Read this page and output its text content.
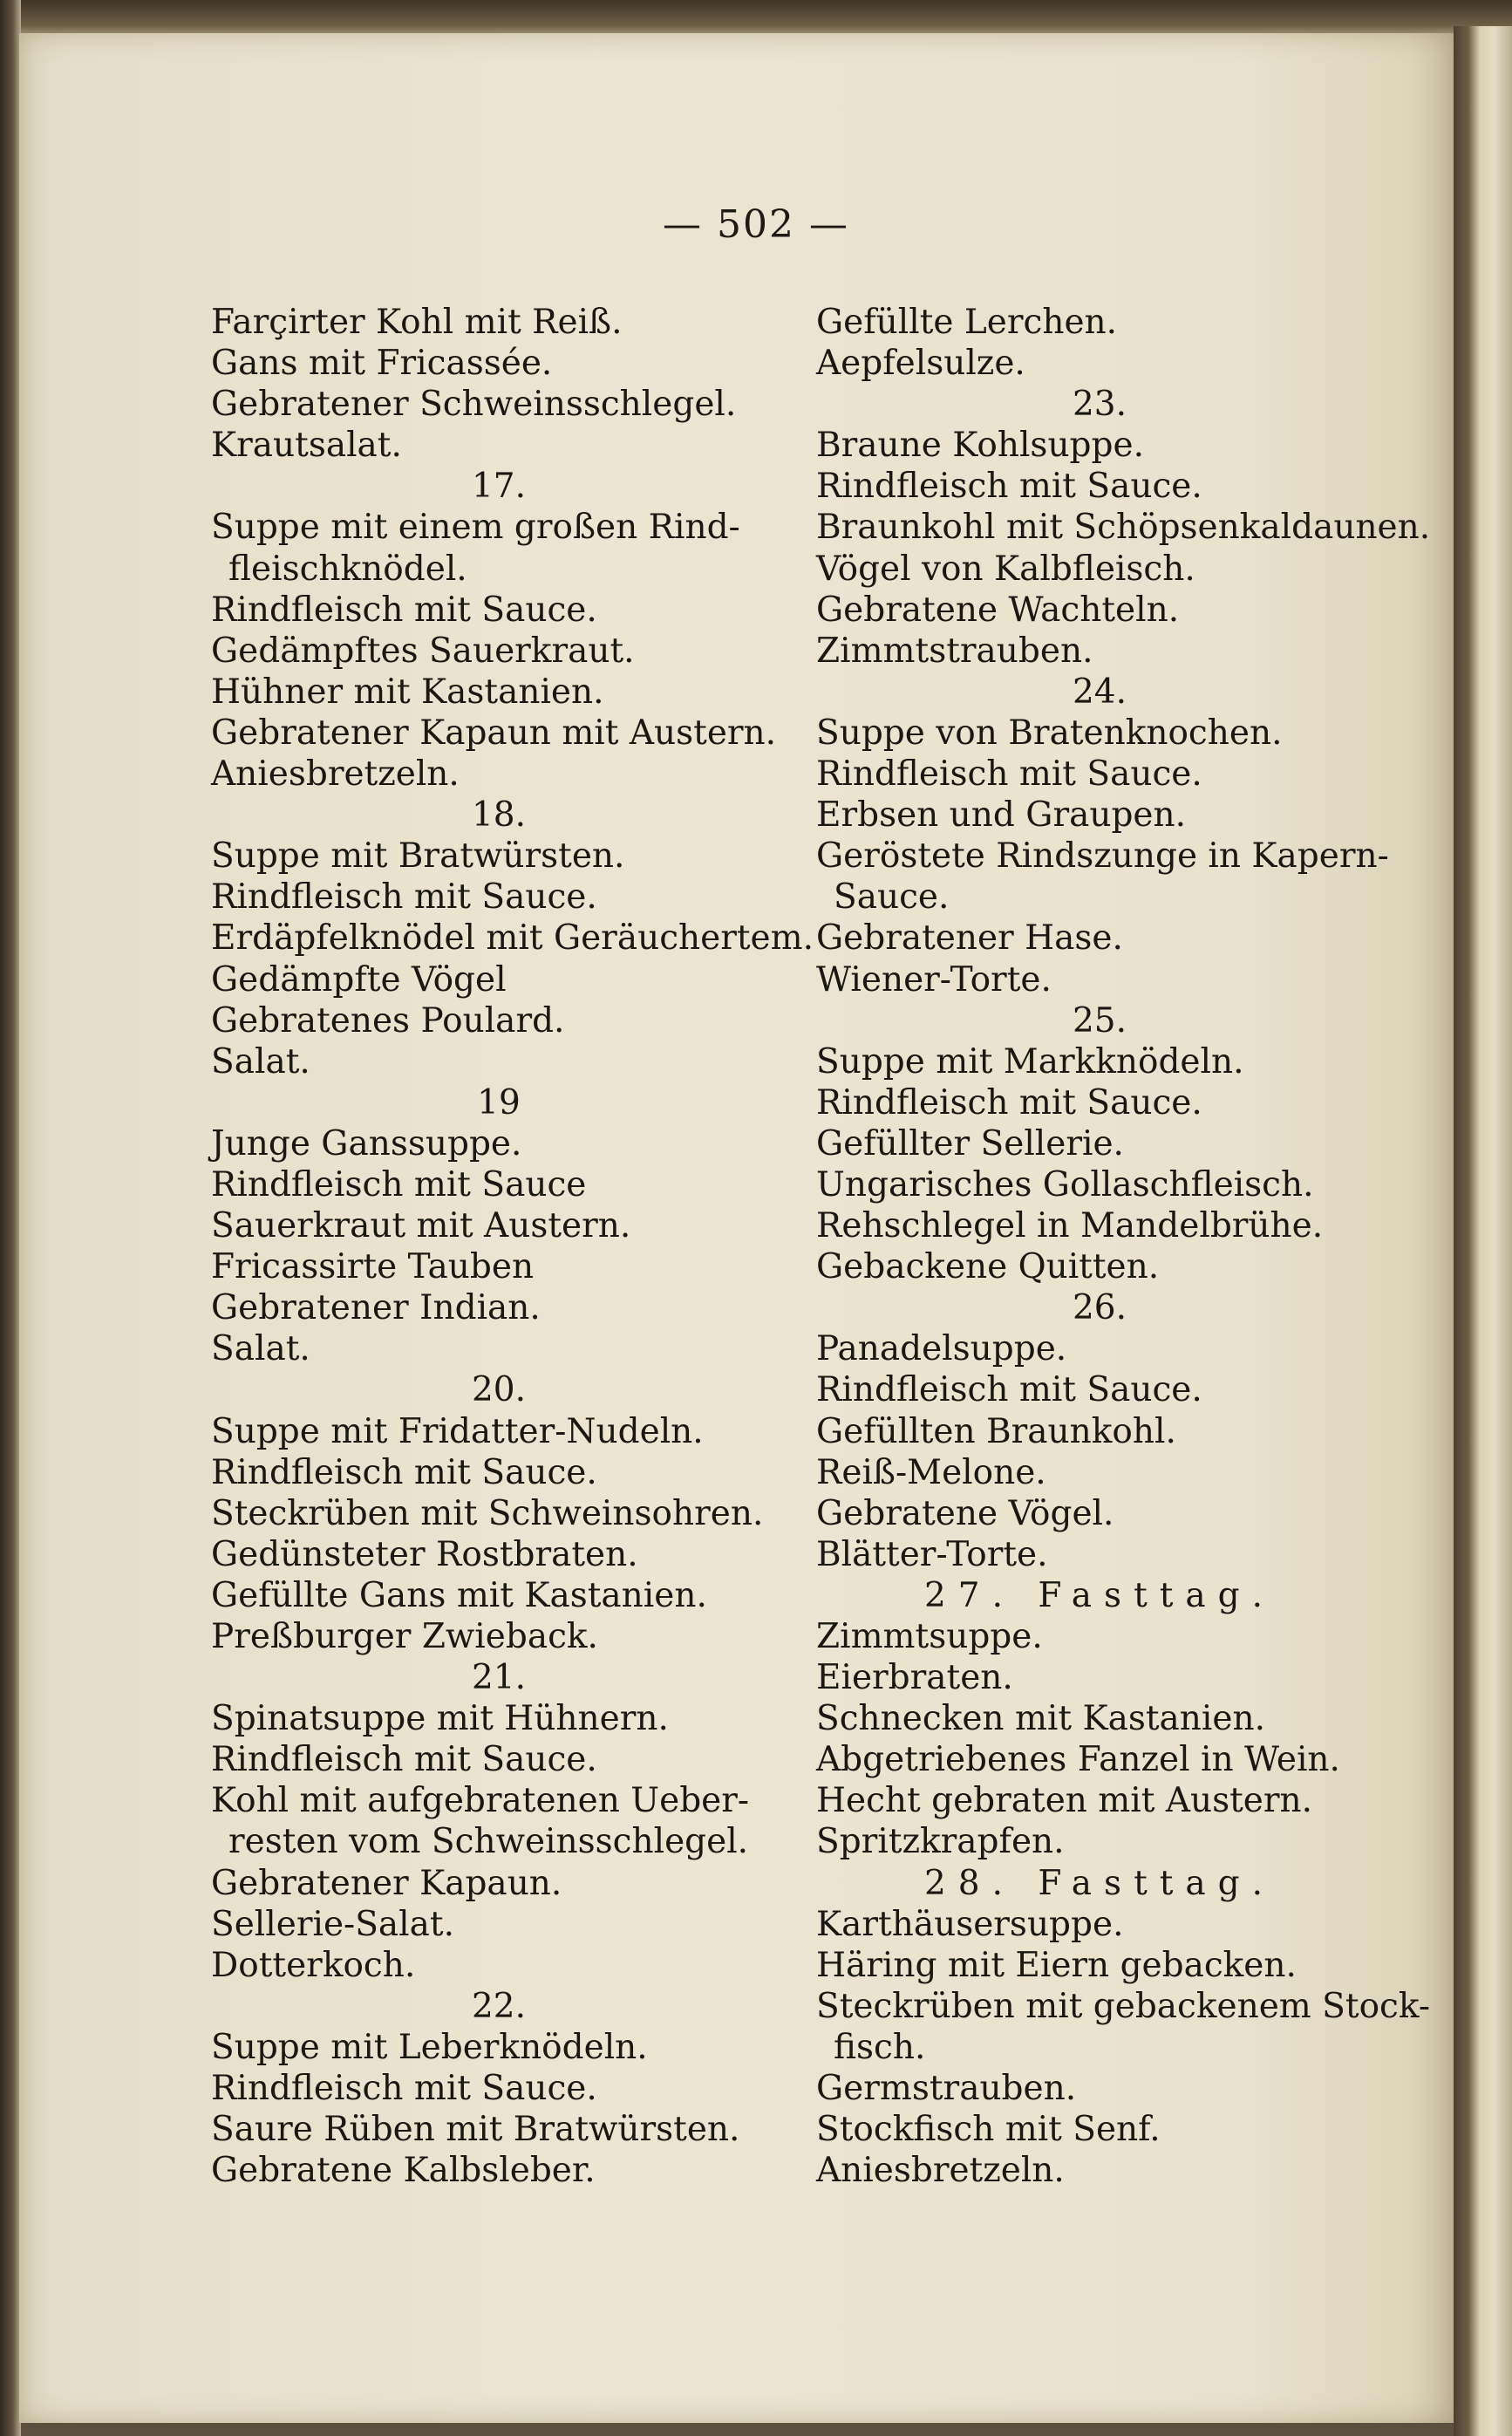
— 502 —
Farçirter Kohl mit Reiß.
Gans mit Fricassée.
Gebratener Schweinsschlegel.
Krautsalat.
17.
Suppe mit einem großen Rind-
fleischknödel.
Rindfleisch mit Sauce.
Gedämpftes Sauerkraut.
Hühner mit Kastanien.
Gebratener Kapaun mit Austern.
Aniesbretzeln.
18.
Suppe mit Bratwürsten.
Rindfleisch mit Sauce.
Erdäpfelknödel mit Geräuchertem.
Gedämpfte Vögel
Gebratenes Poulard.
Salat.
19
Junge Ganssuppe.
Rindfleisch mit Sauce
Sauerkraut mit Austern.
Fricassirte Tauben
Gebratener Indian.
Salat.
20.
Suppe mit Fridatter-Nudeln.
Rindfleisch mit Sauce.
Steckrüben mit Schweinsohren.
Gedünsteter Rostbraten.
Gefüllte Gans mit Kastanien.
Preßburger Zwieback.
21.
Spinatsuppe mit Hühnern.
Rindfleisch mit Sauce.
Kohl mit aufgebratenen Ueber-
resten vom Schweinsschlegel.
Gebratener Kapaun.
Sellerie-Salat.
Dotterkoch.
22.
Suppe mit Leberknödeln.
Rindfleisch mit Sauce.
Saure Rüben mit Bratwürsten.
Gebratene Kalbsleber.
Gefüllte Lerchen.
Aepfelsulze.
23.
Braune Kohlsuppe.
Rindfleisch mit Sauce.
Braunkohl mit Schöpsenkaldaunen.
Vögel von Kalbfleisch.
Gebratene Wachteln.
Zimmtstrauben.
24.
Suppe von Bratenknochen.
Rindfleisch mit Sauce.
Erbsen und Graupen.
Geröstete Rindszunge in Kapern-
Sauce.
Gebratener Hase.
Wiener-Torte.
25.
Suppe mit Markknödeln.
Rindfleisch mit Sauce.
Gefüllter Sellerie.
Ungarisches Gollaschfleisch.
Rehschlegel in Mandelbrühe.
Gebackene Quitten.
26.
Panadelsuppe.
Rindfleisch mit Sauce.
Gefüllten Braunkohl.
Reiß-Melone.
Gebratene Vögel.
Blätter-Torte.
27. Fasttag.
Zimmtsuppe.
Eierbraten.
Schnecken mit Kastanien.
Abgetriebenes Fanzel in Wein.
Hecht gebraten mit Austern.
Spritzkrapfen.
28. Fasttag.
Karthäusersuppe.
Häring mit Eiern gebacken.
Steckrüben mit gebackenem Stock-
fisch.
Germstrauben.
Stockfisch mit Senf.
Aniesbretzeln.
